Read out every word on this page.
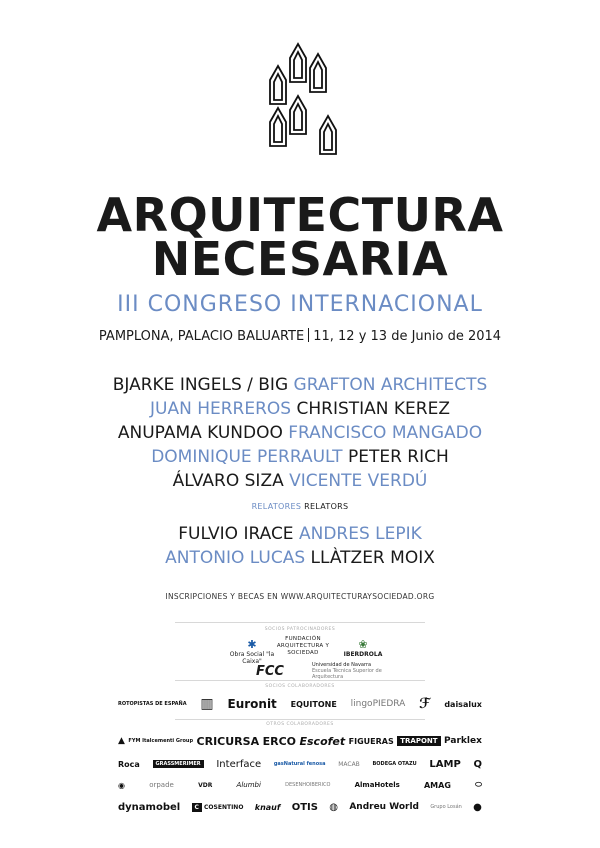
ARQUITECTURA
NECESARIA
III CONGRESO INTERNACIONAL
PAMPLONA, PALACIO BALUARTE 11, 12 y 13 de Junio de 2014
BJARKE INGELS / BIG GRAFTON ARCHITECTS
JUAN HERREROS CHRISTIAN KEREZ
ANUPAMA KUNDOO FRANCISCO MANGADO
DOMINIQUE PERRAULT PETER RICH
ÁLVARO SIZA VICENTE VERDÚ
RELATORES RELATORS
FULVIO IRACE ANDRES LEPIK
ANTONIO LUCAS LLÀTZER MOIX
INSCRIPCIONES Y BECAS EN WWW.ARQUITECTURAYSOCIEDAD.ORG
SOCIOS PATROCINADORES
✱
Obra Social "la Caixa"
FUNDACIÓN ARQUITECTURA Y SOCIEDAD
❀
IBERDROLA
FCC	Universidad de Navarra
Escuela Técnica Superior de Arquitectura
SOCIOS COLABORADORES
ROTOPISTAS DE ESPAÑA ▥ Euronit EQUITONE lingoPIEDRA ℱ daisalux
OTROS COLABORADORES
▲ FYM Italcementi Group CRICURSA ERCO Escofet FIGUERAS TRAPONT Parklex
Roca	GRASSMERIMER	Interface	gasNatural fenosa MACAB	BODEGA OTAZU LAMP Q
◉	orpade	VDR	Alumbi	DESENHOIBERICO	AlmaHotels	AMAG	⬭
dynamobel	C COSENTINO knauf OTIS ◍ Andreu World Grupo Losán ●
